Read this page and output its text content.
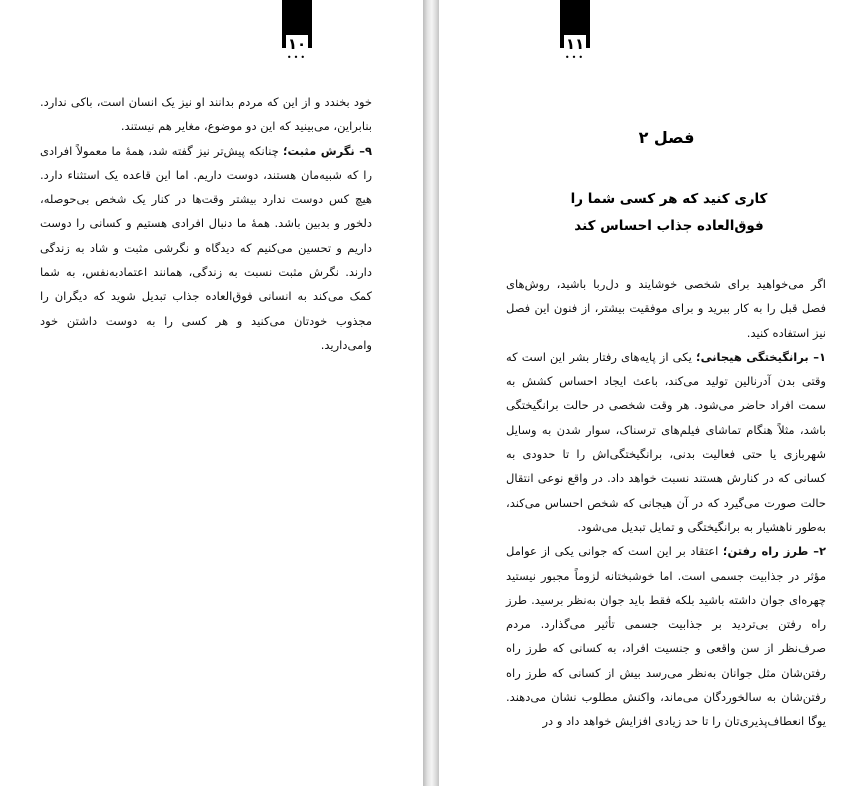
۱۰
•••

خود بخندد و از این که مردم بدانند او نیز یک انسان است، باکی ندارد. بنابراین، می‌بینید که این دو موضوع، مغایر هم نیستند.

۹– نگرش مثبت؛ چنانکه پیش‌تر نیز گفته شد، همهٔ ما معمولاً افرادی را که شبیه‌مان هستند، دوست داریم. اما این قاعده یک استثناء دارد. هیچ کس دوست ندارد بیشتر وقت‌ها در کنار یک شخص بی‌حوصله، دلخور و بدبین باشد. همهٔ ما دنبال افرادی هستیم و کسانی را دوست داریم و تحسین می‌کنیم که دیدگاه و نگرشی مثبت و شاد به زندگی دارند. نگرش مثبت نسبت به زندگی، همانند اعتمادبه‌نفس، به شما کمک می‌کند به انسانی فوق‌العاده جذاب تبدیل شوید که دیگران را مجذوب خودتان می‌کنید و هر کسی را به دوست داشتن خود وامی‌دارید.

۱۱
•••
فصل ۲
کاری کنید که هر کسی شما را فوق‌العاده جذاب احساس کند

اگر می‌خواهید برای شخصی خوشایند و دل‌ربا باشید، روش‌های فصل قبل را به کار ببرید و برای موفقیت بیشتر، از فنون این فصل نیز استفاده کنید.

۱– برانگیختگی هیجانی؛ یکی از پایه‌های رفتار بشر این است که وقتی بدن آدرنالین تولید می‌کند، باعث ایجاد احساس کشش به سمت افراد حاضر می‌شود. هر وقت شخصی در حالت برانگیختگی باشد، مثلاً هنگام تماشای فیلم‌های ترسناک، سوار شدن به وسایل شهربازی یا حتی فعالیت بدنی، برانگیختگی‌اش را تا حدودی به کسانی که در کنارش هستند نسبت خواهد داد. در واقع نوعی انتقال حالت صورت می‌گیرد که در آن هیجانی که شخص احساس می‌کند، به‌طور ناهشیار به برانگیختگی و تمایل تبدیل می‌شود.

۲– طرز راه رفتن؛ اعتقاد بر این است که جوانی یکی از عوامل مؤثر در جذابیت جسمی است. اما خوشبختانه لزوماً مجبور نیستید چهره‌ای جوان داشته باشید بلکه فقط باید جوان به‌نظر برسید. طرز راه رفتن بی‌تردید بر جذابیت جسمی تأثیر می‌گذارد. مردم صرف‌نظر از سن واقعی و جنسیت افراد، به کسانی که طرز راه رفتن‌شان مثل جوانان به‌نظر می‌رسد بیش از کسانی که طرز راه رفتن‌شان به سالخوردگان می‌ماند، واکنش مطلوب نشان می‌دهند. یوگا انعطاف‌پذیری‌تان را تا حد زیادی افزایش خواهد داد و در
